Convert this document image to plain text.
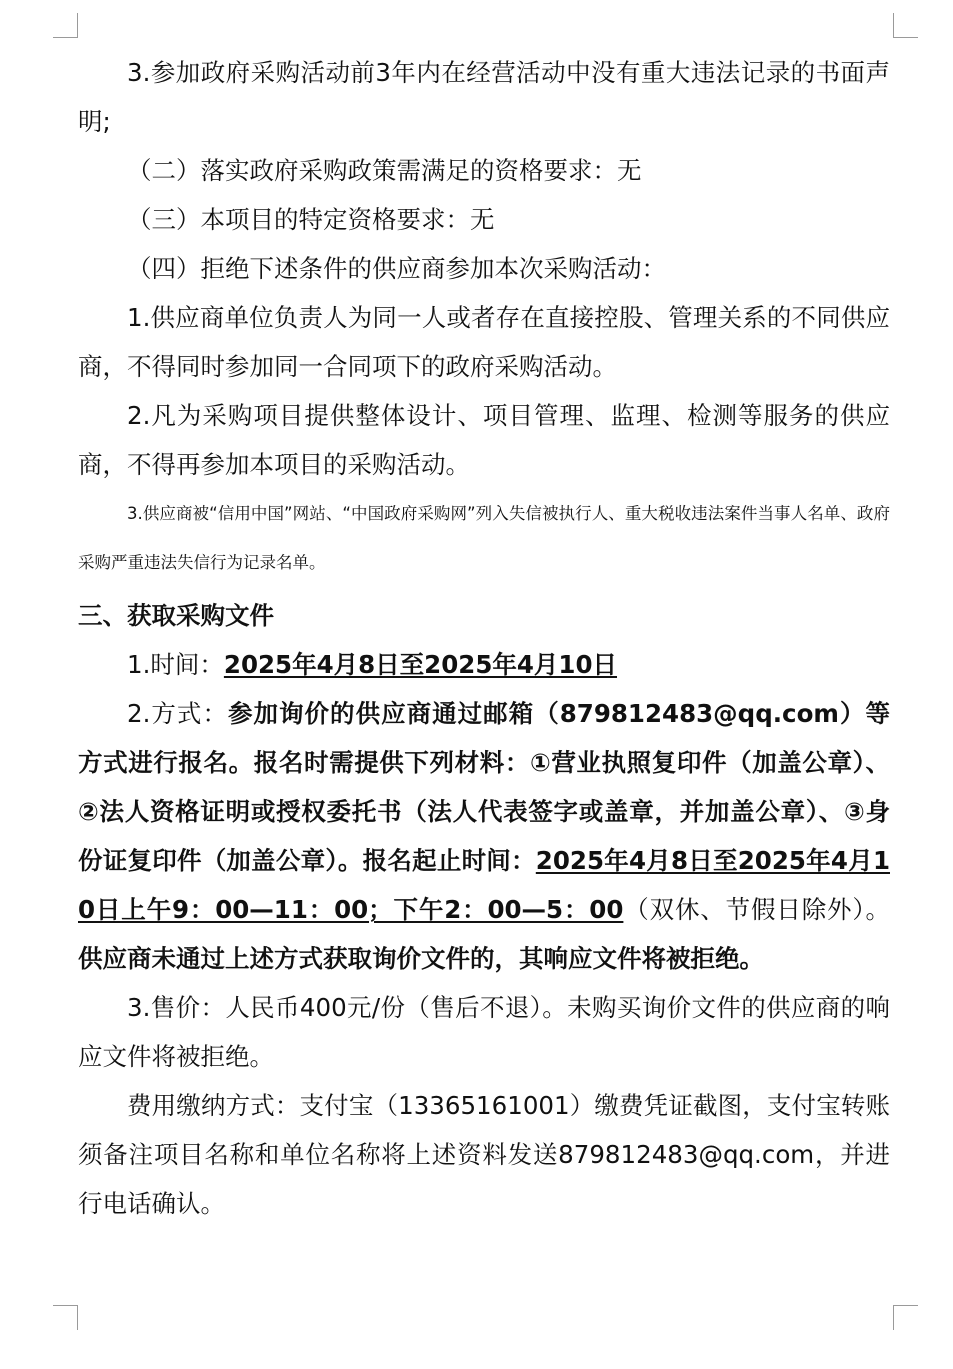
3.参加政府采购活动前3年内在经营活动中没有重大违法记录的书面声明;

（二）落实政府采购政策需满足的资格要求：无

（三）本项目的特定资格要求：无

（四）拒绝下述条件的供应商参加本次采购活动：

1.供应商单位负责人为同一人或者存在直接控股、管理关系的不同供应商，不得同时参加同一合同项下的政府采购活动。

2.凡为采购项目提供整体设计、项目管理、监理、检测等服务的供应商，不得再参加本项目的采购活动。

3.供应商被“信用中国”网站、“中国政府采购网”列入失信被执行人、重大税收违法案件当事人名单、政府采购严重违法失信行为记录名单。

三、获取采购文件

1.时间：2025年4月8日至2025年4月10日

2.方式：参加询价的供应商通过邮箱（879812483@qq.com）等方式进行报名。报名时需提供下列材料：①营业执照复印件（加盖公章）、②法人资格证明或授权委托书（法人代表签字或盖章，并加盖公章）、③身份证复印件（加盖公章）。报名起止时间：2025年4月8日至2025年4月10日上午9：00—11：00；下午2：00—5：00（双休、节假日除外）。供应商未通过上述方式获取询价文件的，其响应文件将被拒绝。

3.售价：人民币400元/份（售后不退）。未购买询价文件的供应商的响应文件将被拒绝。

费用缴纳方式：支付宝（13365161001）缴费凭证截图，支付宝转账须备注项目名称和单位名称将上述资料发送879812483@qq.com，并进行电话确认。
